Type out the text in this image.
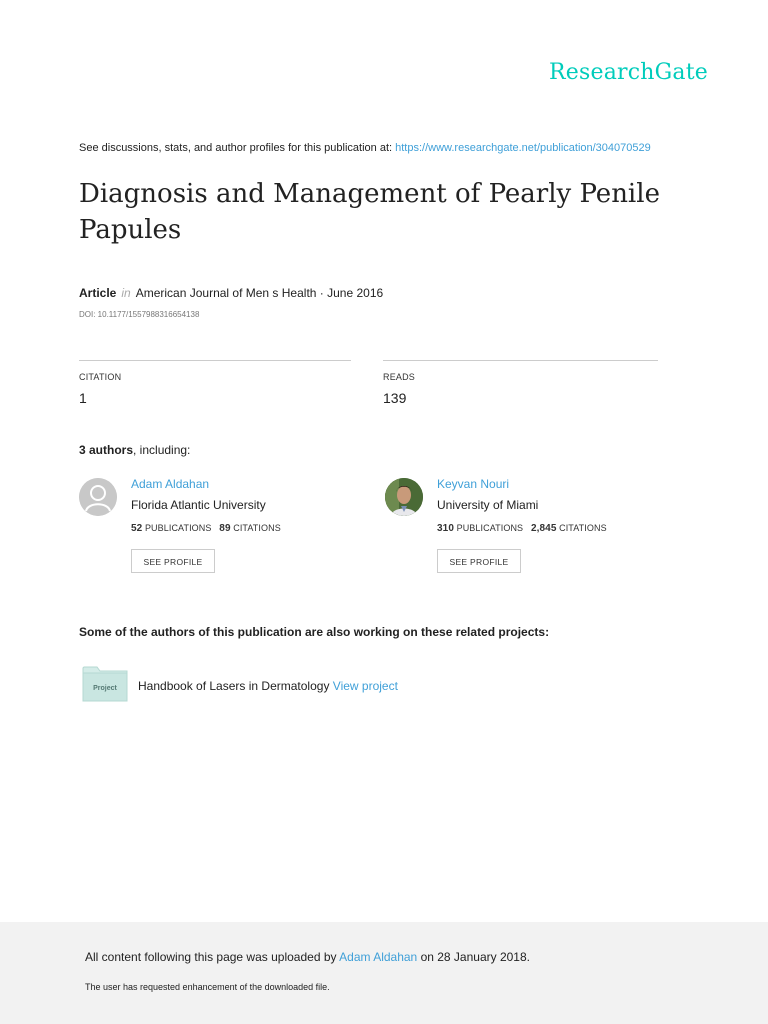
ResearchGate
See discussions, stats, and author profiles for this publication at: https://www.researchgate.net/publication/304070529
Diagnosis and Management of Pearly Penile Papules
Article in American Journal of Men s Health · June 2016
DOI: 10.1177/1557988316654138
CITATION
1
READS
139
3 authors, including:
Adam Aldahan
Florida Atlantic University
52 PUBLICATIONS 89 CITATIONS
SEE PROFILE
Keyvan Nouri
University of Miami
310 PUBLICATIONS 2,845 CITATIONS
SEE PROFILE
Some of the authors of this publication are also working on these related projects:
Project Handbook of Lasers in Dermatology View project
All content following this page was uploaded by Adam Aldahan on 28 January 2018.
The user has requested enhancement of the downloaded file.
